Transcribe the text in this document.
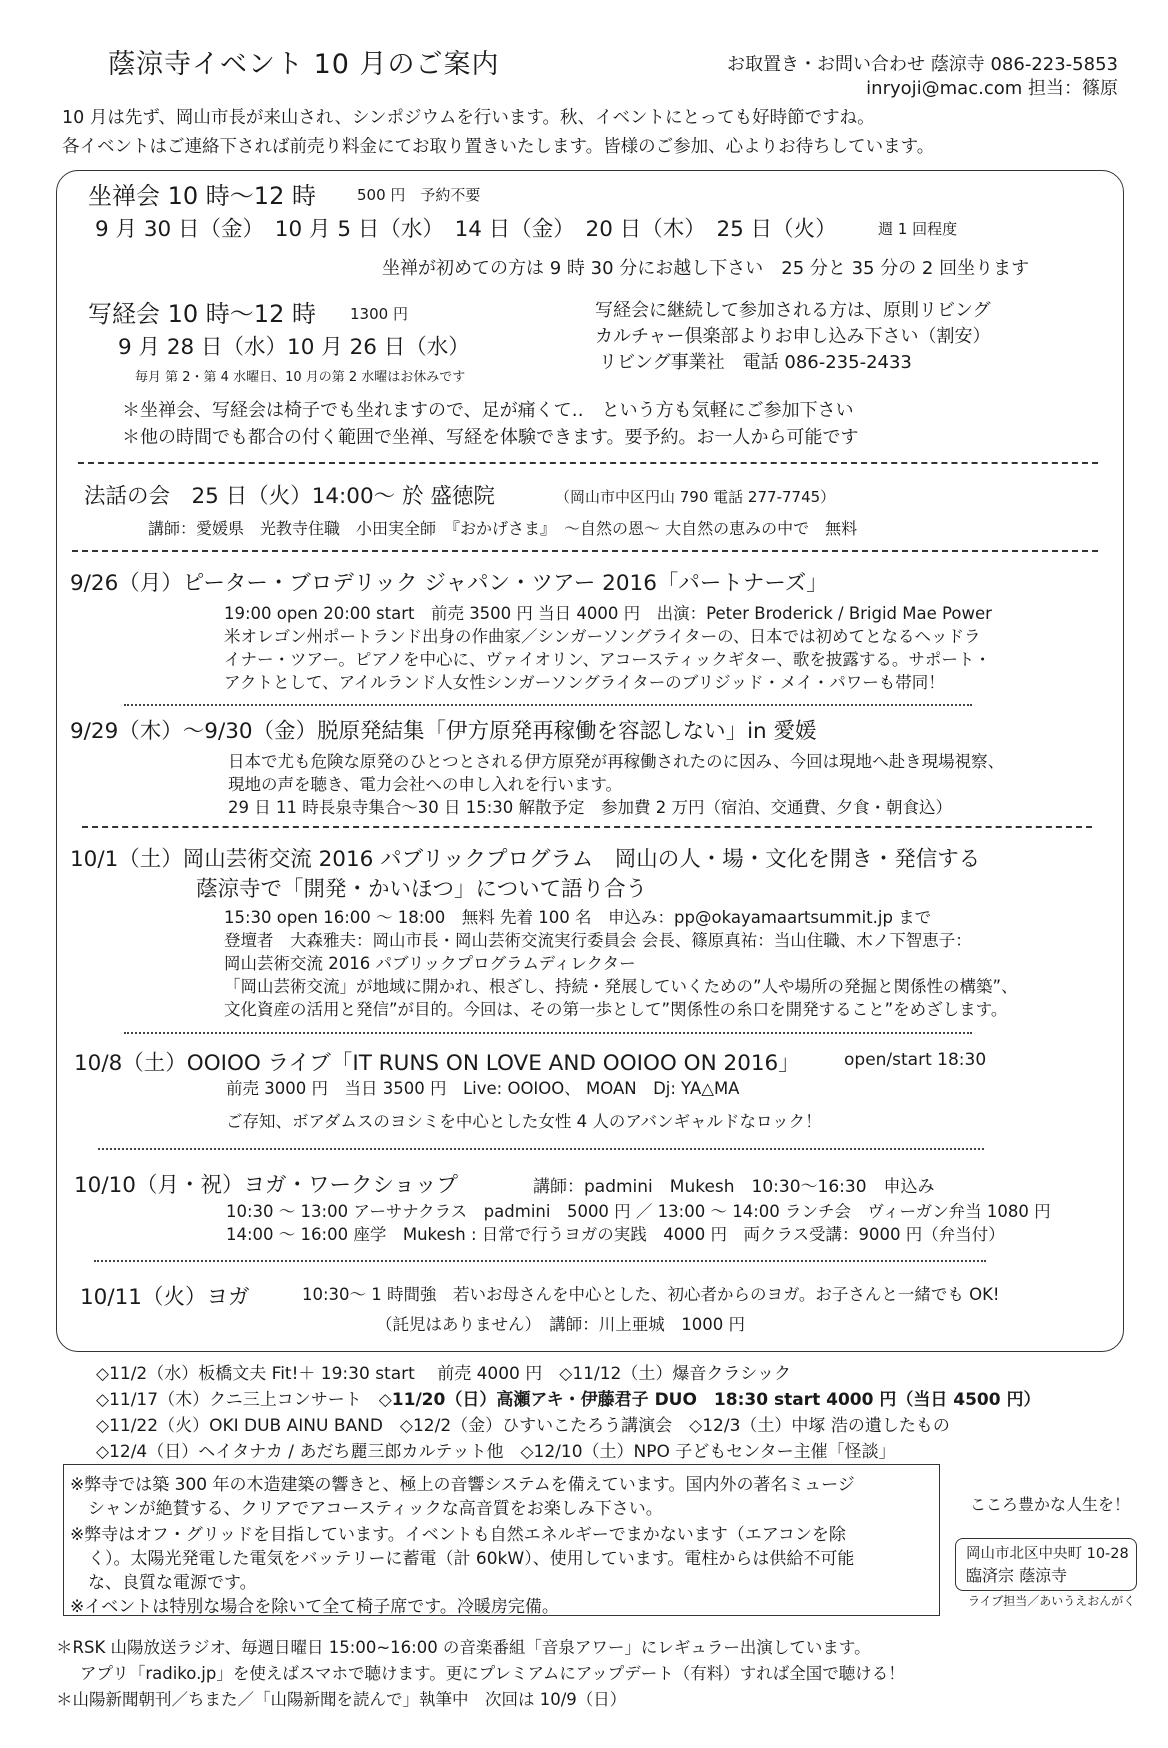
蔭涼寺イベント 10 月のご案内	お取置き・お問い合わせ 蔭涼寺 086-223-5853
inryoji@mac.com 担当：篠原
10 月は先ず、岡山市長が来山され、シンポジウムを行います。秋、イベントにとっても好時節ですね。
各イベントはご連絡下されば前売り料金にてお取り置きいたします。皆様のご参加、心よりお待ちしています。
坐禅会 10 時〜12 時	500 円　予約不要
9 月 30 日（金）　10 月 5 日（水）　14 日（金）　20 日（木）　25 日（火）	週 1 回程度
坐禅が初めての方は 9 時 30 分にお越し下さい　25 分と 35 分の 2 回坐ります
写経会 10 時〜12 時 1300 円
9 月 28 日（水）10 月 26 日（水）
毎月 第 2・第 4 水曜日、10 月の第 2 水曜はお休みです
写経会に継続して参加される方は、原則リビング
カルチャー倶楽部よりお申し込み下さい（割安）
リビング事業社　電話 086-235-2433
＊坐禅会、写経会は椅子でも坐れますので、足が痛くて‥　という方も気軽にご参加下さい
＊他の時間でも都合の付く範囲で坐禅、写経を体験できます。要予約。お一人から可能です
法話の会　25 日（火）14:00〜 於 盛徳院	（岡山市中区円山 790 電話 277-7745）
講師：愛媛県　光教寺住職　小田実全師　『おかげさま』　〜自然の恩〜 大自然の恵みの中で　無料
9/26（月）ピーター・ブロデリック ジャパン・ツアー 2016「パートナーズ」
19:00 open 20:00 start　前売 3500 円 当日 4000 円　出演：Peter Broderick / Brigid Mae Power
米オレゴン州ポートランド出身の作曲家／シンガーソングライターの、日本では初めてとなるヘッドラ
イナー・ツアー。ピアノを中心に、ヴァイオリン、アコースティックギター、歌を披露する。サポート・
アクトとして、アイルランド人女性シンガーソングライターのブリジッド・メイ・パワーも帯同！
9/29（木）〜9/30（金）脱原発結集「伊方原発再稼働を容認しない」in 愛媛
日本で尤も危険な原発のひとつとされる伊方原発が再稼働されたのに因み、今回は現地へ赴き現場視察、
現地の声を聴き、電力会社への申し入れを行います。
29 日 11 時長泉寺集合〜30 日 15:30 解散予定　参加費 2 万円（宿泊、交通費、夕食・朝食込）
10/1（土）岡山芸術交流 2016 パブリックプログラム　岡山の人・場・文化を開き・発信する
蔭涼寺で「開発・かいほつ」について語り合う
15:30 open 16:00 〜 18:00　無料 先着 100 名　申込み：pp@okayamaartsummit.jp まで
登壇者　大森雅夫：岡山市長・岡山芸術交流実行委員会 会長、篠原真祐：当山住職、木ノ下智恵子：
岡山芸術交流 2016 パブリックプログラムディレクター
「岡山芸術交流」が地域に開かれ、根ざし、持続・発展していくための”人や場所の発掘と関係性の構築”、
文化資産の活用と発信”が目的。今回は、その第一歩として”関係性の糸口を開発すること”をめざします。
10/8（土）OOIOO ライブ「IT RUNS ON LOVE AND OOIOO ON 2016」	open/start 18:30
前売 3000 円　当日 3500 円　Live: OOIOO、 MOAN　Dj: YA△MA
ご存知、ボアダムスのヨシミを中心とした女性 4 人のアバンギャルドなロック！
10/10（月・祝）ヨガ・ワークショップ	講師：padmini　Mukesh　10:30〜16:30　申込み
10:30 〜 13:00 アーサナクラス　padmini　5000 円 ／ 13:00 〜 14:00 ランチ会　ヴィーガン弁当 1080 円
14:00 〜 16:00 座学　Mukesh : 日常で行うヨガの実践　4000 円　両クラス受講：9000 円（弁当付）
10/11（火）ヨガ	10:30〜 1 時間強　若いお母さんを中心とした、初心者からのヨガ。お子さんと一緒でも OK!
（託児はありません）　講師：川上亜城　1000 円
◇11/2（水）板橋文夫 Fit!＋ 19:30 start　 前売 4000 円　◇11/12（土）爆音クラシック
◇11/17（木）クニ三上コンサート　◇11/20（日）高瀬アキ・伊藤君子 DUO　18:30 start 4000 円（当日 4500 円）
◇11/22（火）OKI DUB AINU BAND　◇12/2（金）ひすいこたろう講演会　◇12/3（土）中塚 浩の遺したもの
◇12/4（日）ヘイタナカ / あだち麗三郎カルテット他　◇12/10（土）NPO 子どもセンター主催「怪談」
※弊寺では築 300 年の木造建築の響きと、極上の音響システムを備えています。国内外の著名ミュージ
シャンが絶賛する、クリアでアコースティックな高音質をお楽しみ下さい。
※弊寺はオフ・グリッドを目指しています。イベントも自然エネルギーでまかないます（エアコンを除
く）。太陽光発電した電気をバッテリーに蓄電（計 60kW）、使用しています。電柱からは供給不可能
な、良質な電源です。
※イベントは特別な場合を除いて全て椅子席です。冷暖房完備。
こころ豊かな人生を！
岡山市北区中央町 10-28
臨済宗 蔭涼寺
ライブ担当／あいうえおんがく
＊RSK 山陽放送ラジオ、毎週日曜日 15:00~16:00 の音楽番組「音泉アワー」にレギュラー出演しています。
アプリ「radiko.jp」を使えばスマホで聴けます。更にプレミアムにアップデート（有料）すれば全国で聴ける！
＊山陽新聞朝刊／ちまた／「山陽新聞を読んで」執筆中　次回は 10/9（日）
